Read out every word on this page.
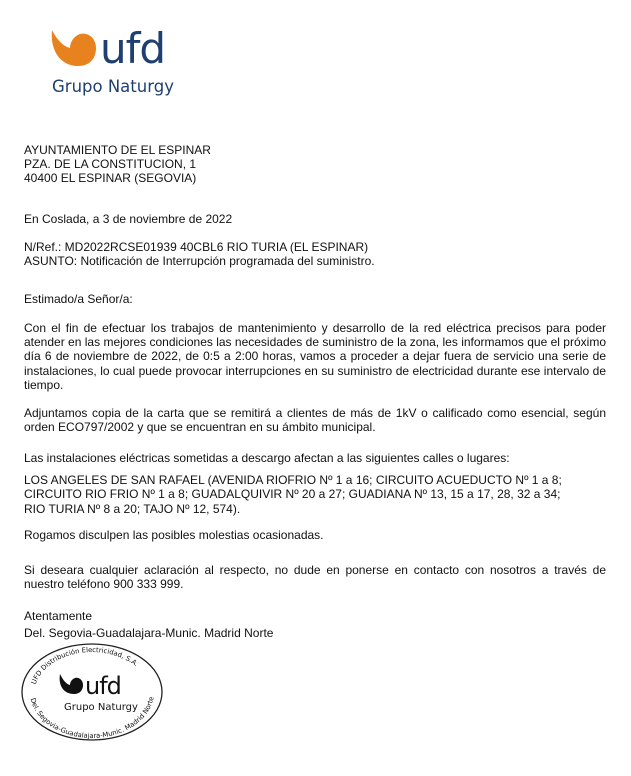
ufd
Grupo Naturgy
AYUNTAMIENTO DE EL ESPINAR
PZA. DE LA CONSTITUCION, 1
40400 EL ESPINAR (SEGOVIA)
En Coslada, a 3 de noviembre de 2022
N/Ref.: MD2022RCSE01939 40CBL6 RIO TURIA (EL ESPINAR)
ASUNTO: Notificación de Interrupción programada del suministro.
Estimado/a Señor/a:
Con el fin de efectuar los trabajos de mantenimiento y desarrollo de la red eléctrica precisos para poder atender en las mejores condiciones las necesidades de suministro de la zona, les informamos que el próximo día 6 de noviembre de 2022, de 0:5 a 2:00 horas, vamos a proceder a dejar fuera de servicio una serie de instalaciones, lo cual puede provocar interrupciones en su suministro de electricidad durante ese intervalo de tiempo.
Adjuntamos copia de la carta que se remitirá a clientes de más de 1kV o calificado como esencial, según orden ECO797/2002 y que se encuentran en su ámbito municipal.
Las instalaciones eléctricas sometidas a descargo afectan a las siguientes calles o lugares:
LOS ANGELES DE SAN RAFAEL (AVENIDA RIOFRIO Nº 1 a 16; CIRCUITO ACUEDUCTO Nº 1 a 8;
CIRCUITO RIO FRIO Nº 1 a 8; GUADALQUIVIR Nº 20 a 27; GUADIANA Nº 13, 15 a 17, 28, 32 a 34;
RIO TURIA Nº 8 a 20; TAJO Nº 12, 574).
Rogamos disculpen las posibles molestias ocasionadas.
Si deseara cualquier aclaración al respecto, no dude en ponerse en contacto con nosotros a través de nuestro teléfono 900 333 999.
Atentamente
Del. Segovia-Guadalajara-Munic. Madrid Norte
UFD Distribución Electricidad, S.A.
Del. Segovia-Guadalajara-Munic. Madrid Norte
ufd
Grupo Naturgy
